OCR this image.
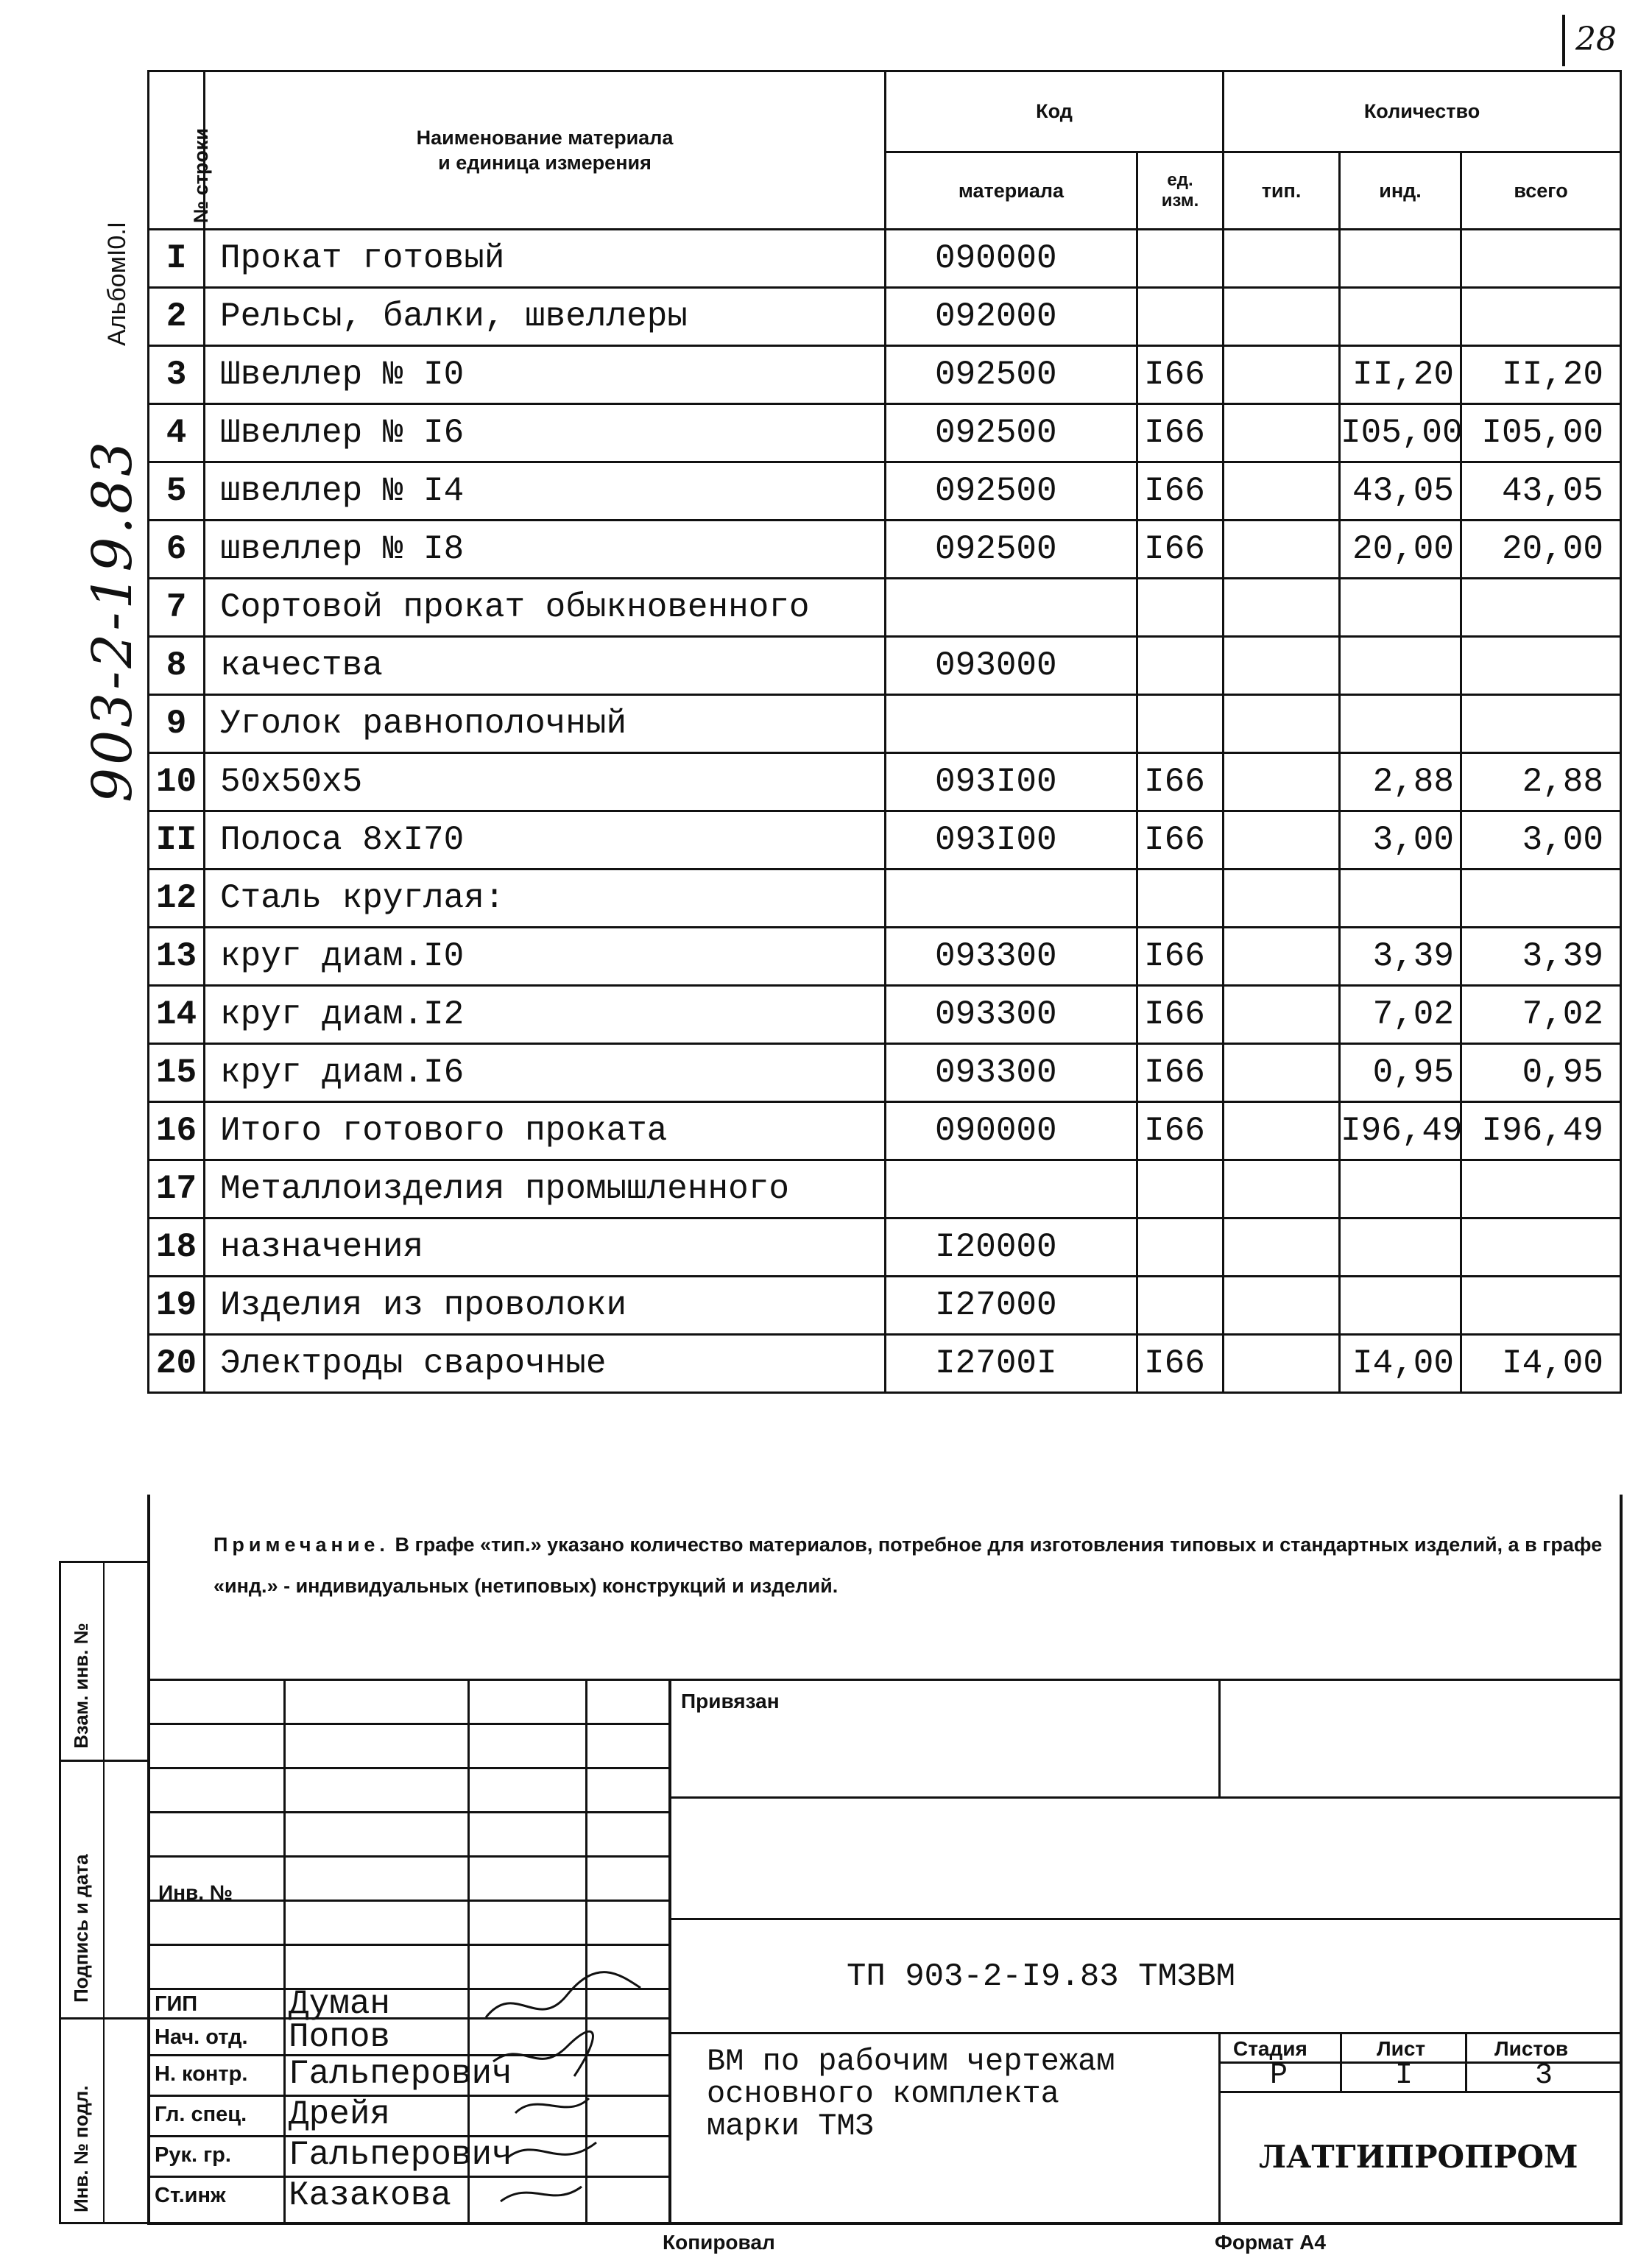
28
АльбомI0.I
903-2-19.83
№ строки	Наименование материала
и единица измерения	Код		Количество		
		материала	ед. изм.	тип.	инд.	всего
I	Прокат готовый	090000				
2	Рельсы, балки, швеллеры	092000				
3	Швеллер № I0	092500	I66		II,20	II,20
4	Швеллер № I6	092500	I66		I05,00	I05,00
5	швеллер № I4	092500	I66		43,05	43,05
6	швеллер № I8	092500	I66		20,00	20,00
7	Сортовой прокат обыкновенного					
8	качества	093000				
9	Уголок равнополочный					
10	50х50х5	093I00	I66		2,88	2,88
II	Полоса 8хI70	093I00	I66		3,00	3,00
12	Сталь круглая:					
13	круг диам.I0	093300	I66		3,39	3,39
14	круг диам.I2	093300	I66		7,02	7,02
15	круг диам.I6	093300	I66		0,95	0,95
16	Итого готового проката	090000	I66		I96,49	I96,49
17	Металлоизделия промышленного					
18	назначения	I20000				
19	Изделия из проволоки	I27000				
20	Электроды сварочные	I2700I	I66		I4,00	I4,00
Примечание. В графе «тип.» указано количество материалов, потребное для изготовления типовых и стандартных изделий, а в графе «инд.» - индивидуальных (нетиповых) конструкций и изделий.
Взам. инв. №
Подпись и дата
Инв. № подл.
Привязан
Инв. №
ТП 903-2-I9.83 ТМЗВМ
ВМ по рабочим чертежам
основного комплекта
марки ТМЗ
Стадия	Лист	Листов
Р	I	3
ЛАТГИПРОПРОМ
ГИП	Думан
Нач. отд. Попов
Н. контр. Гальперович
Гл. спец. Дрейя
Рук. гр. Гальперович
Ст.инж Казакова
Копировал	Формат А4
